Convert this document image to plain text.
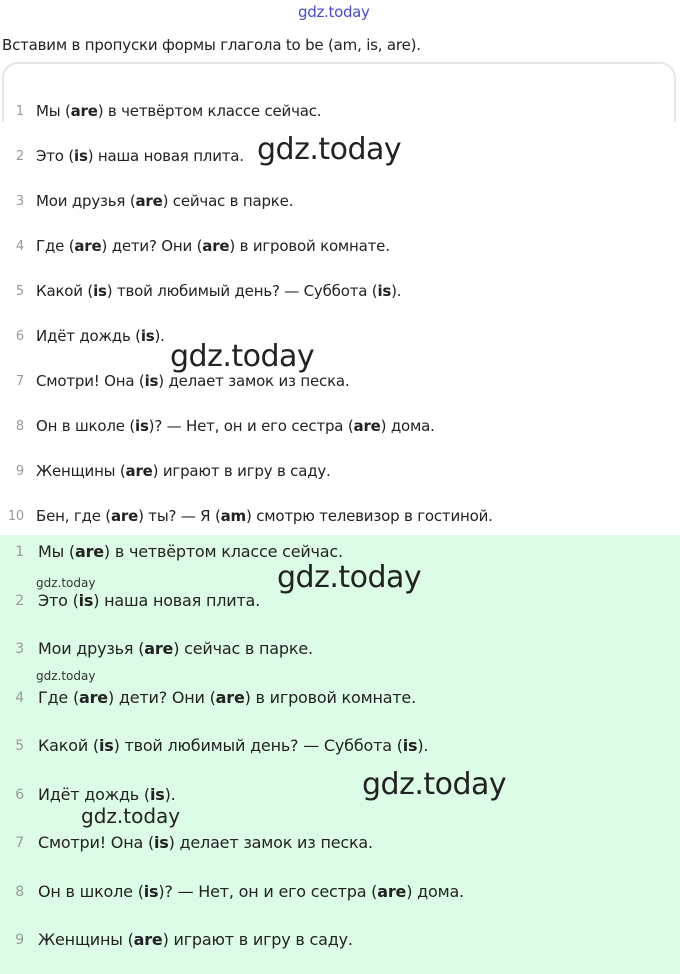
gdz.today
Вставим в пропуски формы глагола to be (am, is, are).
1 Мы (are) в четвёртом классе сейчас.
2 Это (is) наша новая плита.
3 Мои друзья (are) сейчас в парке.
4 Где (are) дети? Они (are) в игровой комнате.
5 Какой (is) твой любимый день? — Суббота (is).
6 Идёт дождь (is).
7 Смотри! Она (is) делает замок из песка.
8 Он в школе (is)? — Нет, он и его сестра (are) дома.
9 Женщины (are) играют в игру в саду.
10 Бен, где (are) ты? — Я (am) смотрю телевизор в гостиной.
1 Мы (are) в четвёртом классе сейчас.
2 Это (is) наша новая плита.
3 Мои друзья (are) сейчас в парке.
4 Где (are) дети? Они (are) в игровой комнате.
5 Какой (is) твой любимый день? — Суббота (is).
6 Идёт дождь (is).
7 Смотри! Она (is) делает замок из песка.
8 Он в школе (is)? — Нет, он и его сестра (are) дома.
9 Женщины (are) играют в игру в саду.
gdz.today
gdz.today
gdz.today
gdz.today
gdz.today
gdz.today
gdz.today
